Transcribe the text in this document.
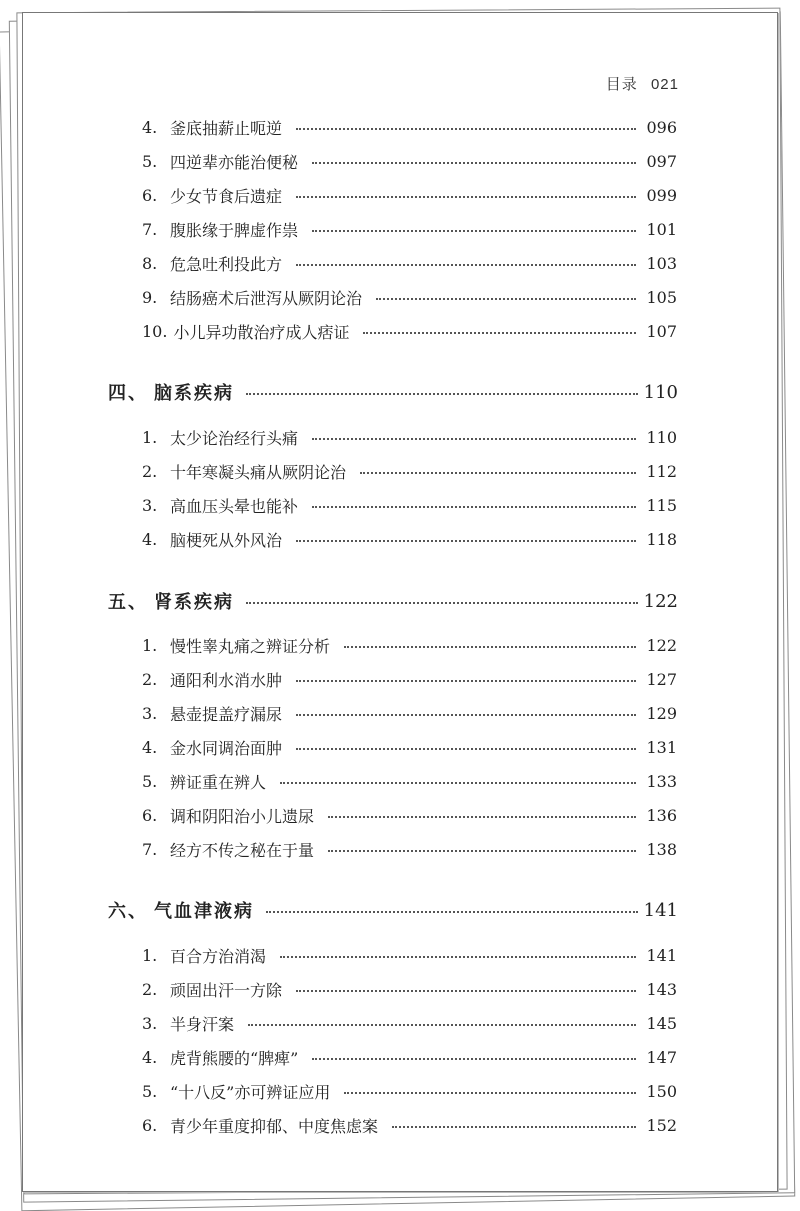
目录 021
4. 釜底抽薪止呃逆	096
5. 四逆辈亦能治便秘	097
6. 少女节食后遗症	099
7. 腹胀缘于脾虚作祟	101
8. 危急吐利投此方	103
9. 结肠癌术后泄泻从厥阴论治	105
10. 小儿异功散治疗成人痞证	107
四、 脑系疾病	110
1. 太少论治经行头痛	110
2. 十年寒凝头痛从厥阴论治	112
3. 高血压头晕也能补	115
4. 脑梗死从外风治	118
五、 肾系疾病	122
1. 慢性睾丸痛之辨证分析	122
2. 通阳利水消水肿	127
3. 悬壶提盖疗漏尿	129
4. 金水同调治面肿	131
5. 辨证重在辨人	133
6. 调和阴阳治小儿遗尿	136
7. 经方不传之秘在于量	138
六、 气血津液病	141
1. 百合方治消渴	141
2. 顽固出汗一方除	143
3. 半身汗案	145
4. 虎背熊腰的“脾痺”	147
5. “十八反”亦可辨证应用	150
6. 青少年重度抑郁、中度焦虑案	152
